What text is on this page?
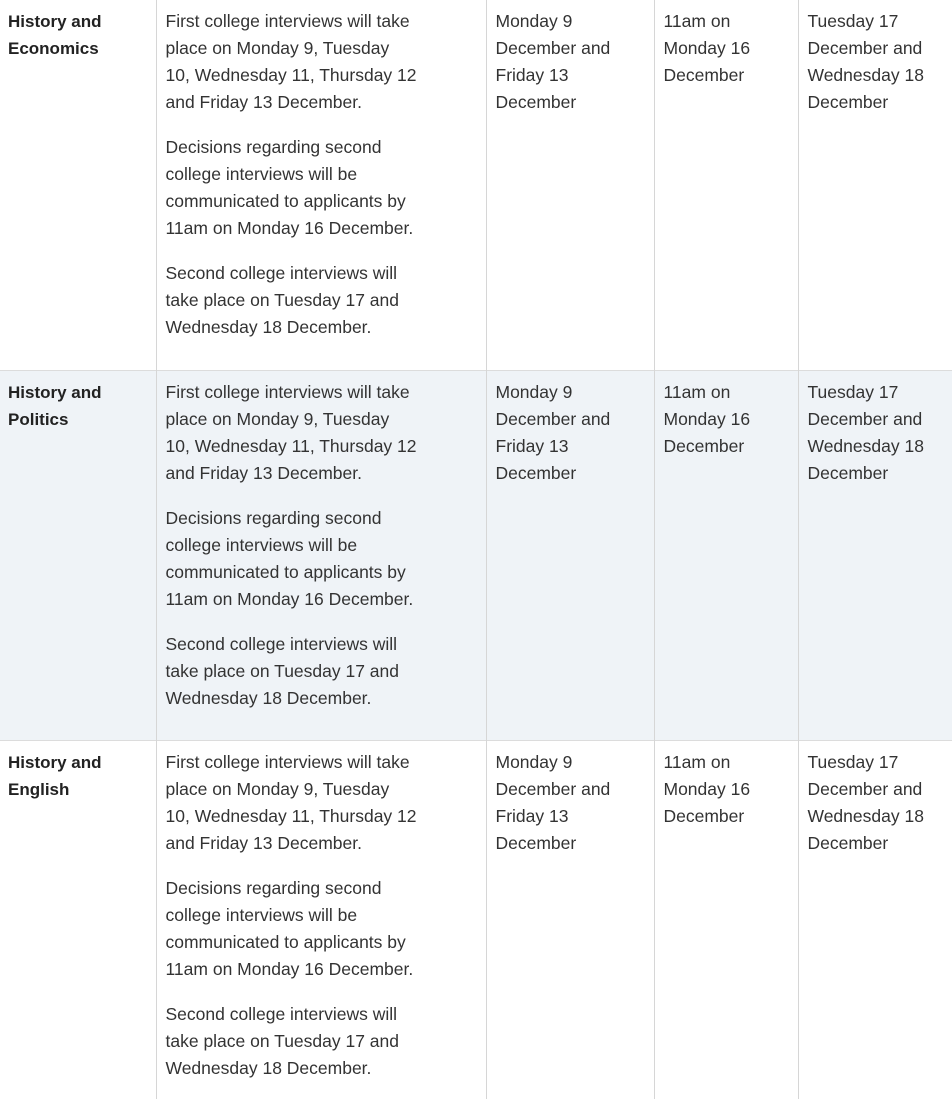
History and Economics	First college interviews will take place on Monday 9, Tuesday 10, Wednesday 11, Thursday 12 and Friday 13 December.

Decisions regarding second college interviews will be communicated to applicants by 11am on Monday 16 December.

Second college interviews will take place on Tuesday 17 and Wednesday 18 December.	Monday 9 December and Friday 13 December	11am on Monday 16 December	Tuesday 17 December and Wednesday 18 December
History and Politics	First college interviews will take place on Monday 9, Tuesday 10, Wednesday 11, Thursday 12 and Friday 13 December.

Decisions regarding second college interviews will be communicated to applicants by 11am on Monday 16 December.

Second college interviews will take place on Tuesday 17 and Wednesday 18 December.	Monday 9 December and Friday 13 December	11am on Monday 16 December	Tuesday 17 December and Wednesday 18 December
History and English	First college interviews will take place on Monday 9, Tuesday 10, Wednesday 11, Thursday 12 and Friday 13 December.

Decisions regarding second college interviews will be communicated to applicants by 11am on Monday 16 December.

Second college interviews will take place on Tuesday 17 and Wednesday 18 December.	Monday 9 December and Friday 13 December	11am on Monday 16 December	Tuesday 17 December and Wednesday 18 December
